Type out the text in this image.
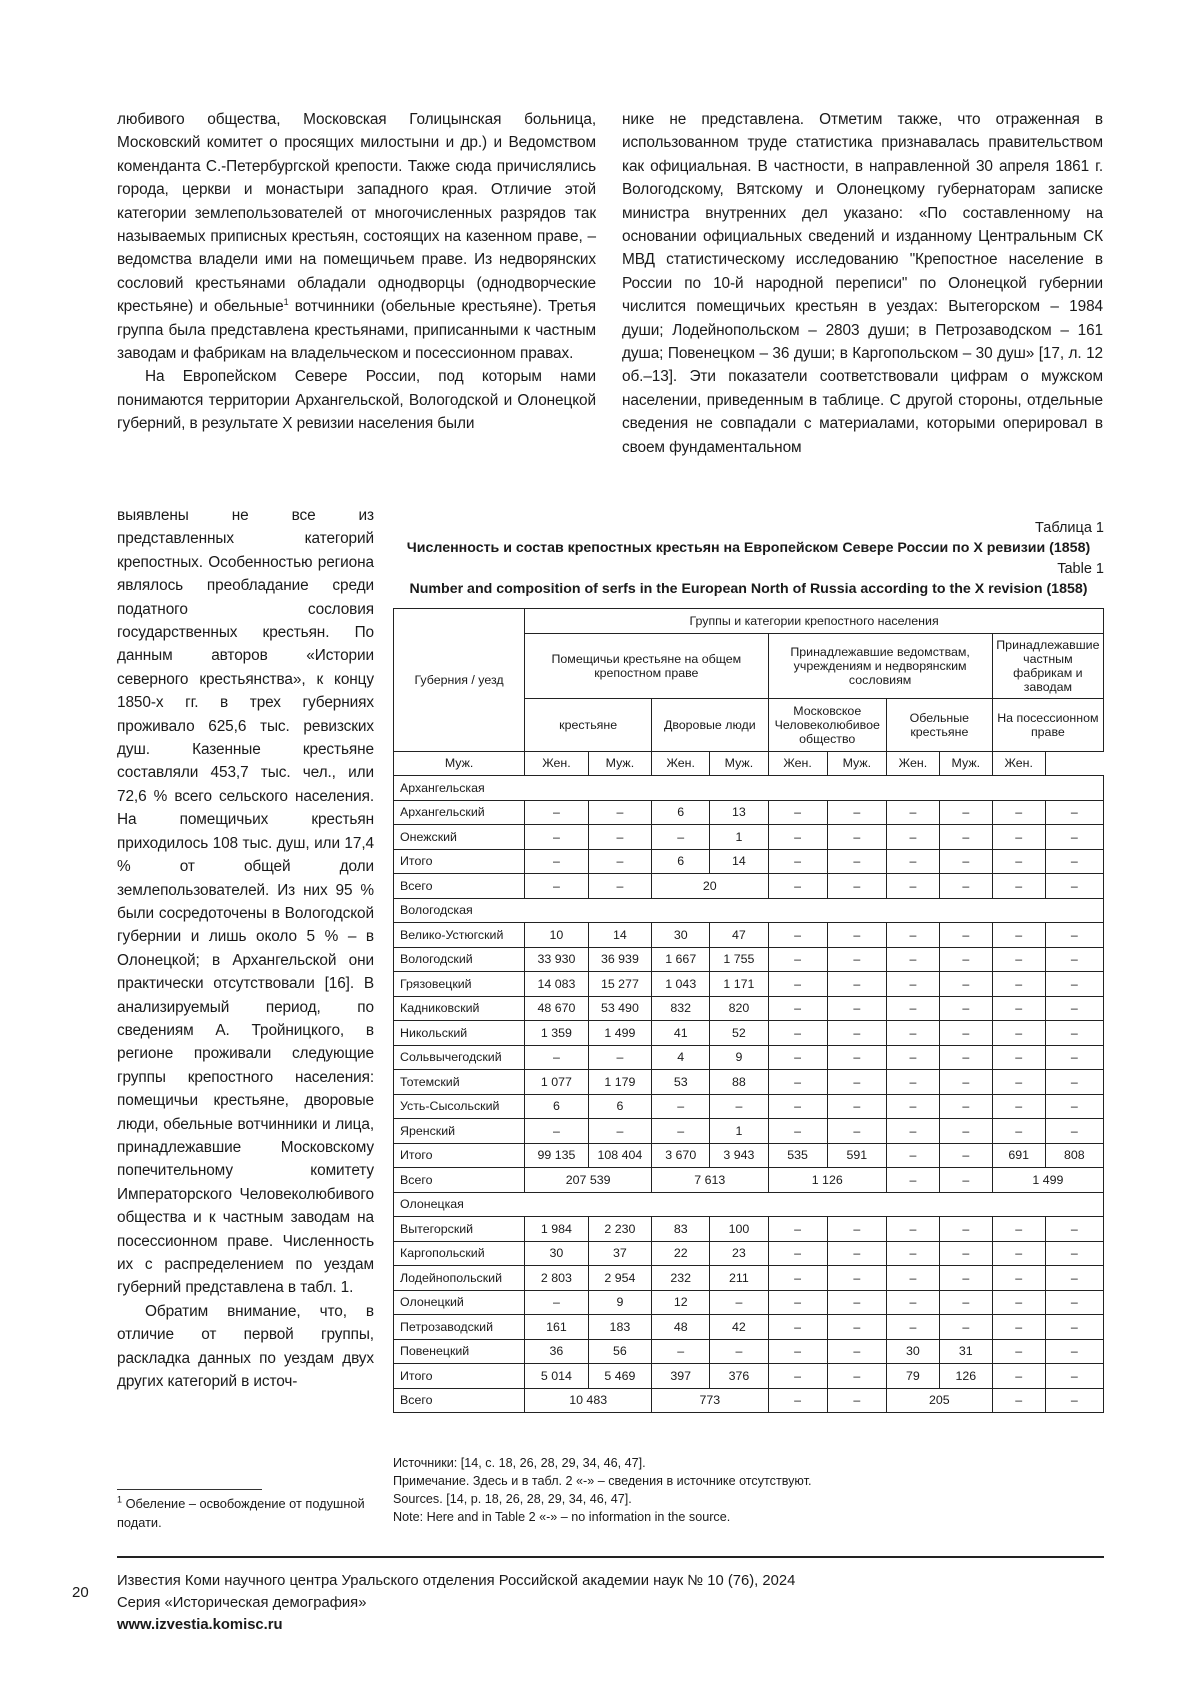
любивого общества, Московская Голицынская больница, Московский комитет о просящих милостыни и др.) и Ведомством коменданта С.-Петербургской крепости. Также сюда причислялись города, церкви и монастыри западного края. Отличие этой категории землепользователей от многочисленных разрядов так называемых приписных крестьян, состоящих на казенном праве, – ведомства владели ими на помещичьем праве. Из недворянских сословий крестьянами обладали однодворцы (однодворческие крестьяне) и обельные$^1$ вотчинники (обельные крестьяне). Третья группа была представлена крестьянами, приписанными к частным заводам и фабрикам на владельческом и посессионном правах.

На Европейском Севере России, под которым нами понимаются территории Архангельской, Вологодской и Олонецкой губерний, в результате Х ревизии населения были

нике не представлена. Отметим также, что отраженная в использованном труде статистика признавалась правительством как официальная. В частности, в направленной 30 апреля 1861 г. Вологодскому, Вятскому и Олонецкому губернаторам записке министра внутренних дел указано: «По составленному на основании официальных сведений и изданному Центральным СК МВД статистическому исследованию "Крепостное население в России по 10-й народной переписи" по Олонецкой губернии числится помещичьих крестьян в уездах: Вытегорском – 1984 души; Лодейнопольском – 2803 души; в Петрозаводском – 161 душа; Повенецком – 36 души; в Каргопольском – 30 душ» [17, л. 12 об.–13]. Эти показатели соответствовали цифрам о мужском населении, приведенным в таблице. С другой стороны, отдельные сведения не совпадали с материалами, которыми оперировал в своем фундаментальном

выявлены не все из представленных категорий крепостных. Особенностью региона являлось преобладание среди податного сословия государственных крестьян. По данным авторов «Истории северного крестьянства», к концу 1850-х гг. в трех губерниях проживало 625,6 тыс. ревизских душ. Казенные крестьяне составляли 453,7 тыс. чел., или 72,6 % всего сельского населения. На помещичьих крестьян приходилось 108 тыс. душ, или 17,4 % от общей доли землепользователей. Из них 95 % были сосредоточены в Вологодской губернии и лишь около 5 % – в Олонецкой; в Архангельской они практически отсутствовали [16]. В анализируемый период, по сведениям А. Тройницкого, в регионе проживали следующие группы крепостного населения: помещичьи крестьяне, дворовые люди, обельные вотчинники и лица, принадлежавшие Московскому попечительному комитету Императорского Человеколюбивого общества и к частным заводам на посессионном праве. Численность их с распределением по уездам губерний представлена в табл. 1.

Обратим внимание, что, в отличие от первой группы, раскладка данных по уездам двух других категорий в источ-

Таблица 1
Численность и состав крепостных крестьян на Европейском Севере России по Х ревизии (1858)
Table 1
Number and composition of serfs in the European North of Russia according to the X revision (1858)
Губерния / уезд	Группы и категории крепостного населения									
	Помещичьи крестьяне на общем крепостном праве				Принадлежавшие ведомствам, учреждениям и недворянским сословиям				Принадлежавшие частным фабрикам и заводам	
	крестьяне		Дворовые люди		Московское Человеколюбивое общество		Обельные крестьяне		На посессионном праве	
Муж.	Жен.	Муж.	Жен.	Муж.	Жен.	Муж.	Жен.	Муж.	Жен.	
Архангельская										
Архангельский	–	–	6	13	–	–	–	–	–	–
Онежский	–	–	–	1	–	–	–	–	–	–
Итого	–	–	6	14	–	–	–	–	–	–
Всего	–	–	20		–	–	–	–	–	–
Вологодская										
Велико-Устюгский	10	14	30	47	–	–	–	–	–	–
Вологодский	33 930	36 939	1 667	1 755	–	–	–	–	–	–
Грязовецкий	14 083	15 277	1 043	1 171	–	–	–	–	–	–
Кадниковский	48 670	53 490	832	820	–	–	–	–	–	–
Никольский	1 359	1 499	41	52	–	–	–	–	–	–
Сольвычегодский	–	–	4	9	–	–	–	–	–	–
Тотемский	1 077	1 179	53	88	–	–	–	–	–	–
Усть-Сысольский	6	6	–	–	–	–	–	–	–	–
Яренский	–	–	–	1	–	–	–	–	–	–
Итого	99 135	108 404	3 670	3 943	535	591	–	–	691	808
Всего	207 539		7 613		1 126		–	–	1 499	
Олонецкая										
Вытегорский	1 984	2 230	83	100	–	–	–	–	–	–
Каргопольский	30	37	22	23	–	–	–	–	–	–
Лодейнопольский	2 803	2 954	232	211	–	–	–	–	–	–
Олонецкий	–	9	12	–	–	–	–	–	–	–
Петрозаводский	161	183	48	42	–	–	–	–	–	–
Повенецкий	36	56	–	–	–	–	30	31	–	–
Итого	5 014	5 469	397	376	–	–	79	126	–	–
Всего	10 483		773		–	–	205		–	–
Источники: [14, с. 18, 26, 28, 29, 34, 46, 47].
Примечание. Здесь и в табл. 2 «-» – сведения в источнике отсутствуют.
Sources. [14, p. 18, 26, 28, 29, 34, 46, 47].
Note: Here and in Table 2 «-» – no information in the source.
$^1$ Обеление – освобождение от подушной подати.
20
Известия Коми научного центра Уральского отделения Российской академии наук № 10 (76), 2024
Серия «Историческая демография»
www.izvestia.komisc.ru
